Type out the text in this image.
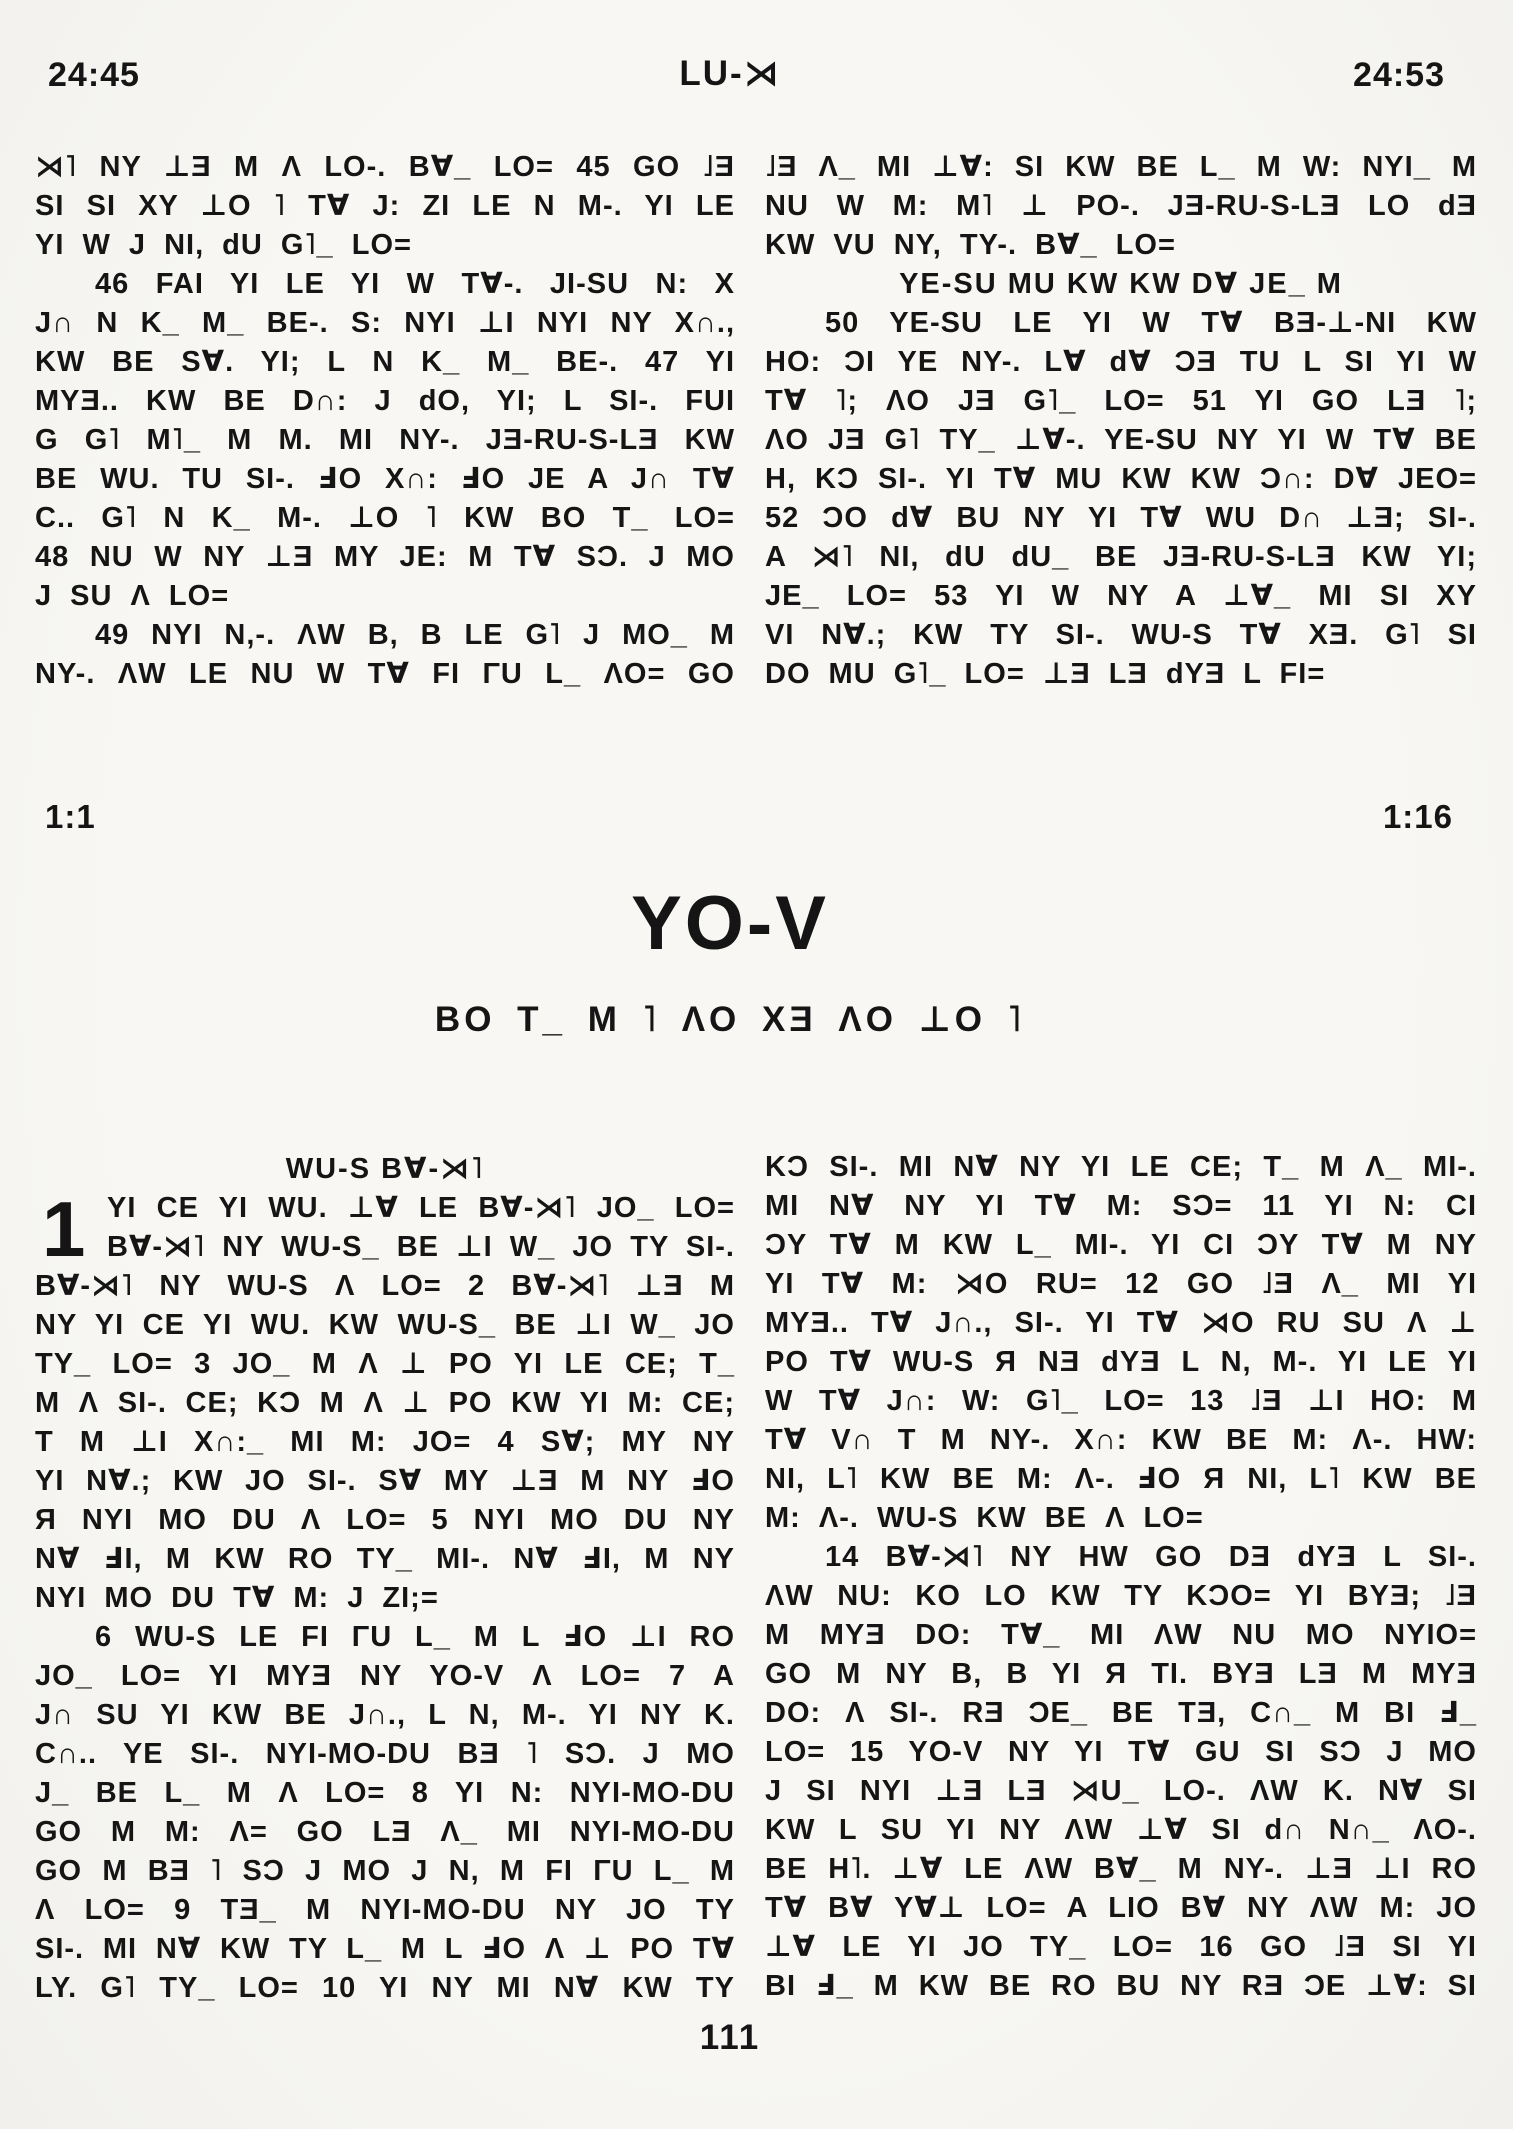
24:45	LU-⋊	24:53
⋊˥ NY ⊥Ǝ M Λ LO-. B∀_ LO= 45 GO ˩Ǝ
SI SI XY ⊥O ˥ T∀ J: ZI LE N M-. YI LE
YI W J NI, dU G˥_ LO=
46 FAI YI LE YI W T∀-. JI-SU N: X
J∩ N K_ M_ BE-. S: NYI ⊥I NYI NY X∩.,
KW BE S∀. YI; L N K_ M_ BE-. 47 YI
MYƎ.. KW BE D∩: J dO, YI; L SI-. FUI
G G˥ M˥_ M M. MI NY-. JƎ-RU-S-LƎ KW
BE WU. TU SI-. ℲO X∩: ℲO JE A J∩ T∀
C.. G˥ N K_ M-. ⊥O ˥ KW BO T_ LO=
48 NU W NY ⊥Ǝ MY JE: M T∀ SƆ. J MO
J SU Λ LO=
49 NYI N,-. ΛW B, B LE G˥ J MO_ M
NY-. ΛW LE NU W T∀ FI ΓU L_ ΛO= GO
˩Ǝ Λ_ MI ⊥∀: SI KW BE L_ M W: NYI_ M
NU W M: M˥ ⊥ PO-. JƎ-RU-S-LƎ LO dƎ
KW VU NY, TY-. B∀_ LO=
YE-SU MU KW KW D∀ JE_ M
50 YE-SU LE YI W T∀ BƎ-⊥-NI KW
HO: ƆI YE NY-. L∀ d∀ ƆƎ TU L SI YI W
T∀ ˥; ΛO JƎ G˥_ LO= 51 YI GO LƎ ˥;
ΛO JƎ G˥ TY_ ⊥∀-. YE-SU NY YI W T∀ BE
H, KƆ SI-. YI T∀ MU KW KW Ɔ∩: D∀ JEO=
52 ƆO d∀ BU NY YI T∀ WU D∩ ⊥Ǝ; SI-.
A ⋊˥ NI, dU dU_ BE JƎ-RU-S-LƎ KW YI;
JE_ LO= 53 YI W NY A ⊥∀_ MI SI XY
VI N∀.; KW TY SI-. WU-S T∀ XƎ. G˥ SI
DO MU G˥_ LO= ⊥Ǝ LƎ dYƎ L FI=
1:1	1:16
YO-V
BO T_ M ˥ ΛO XƎ ΛO ⊥O ˥
1
WU-S B∀-⋊˥
YI CE YI WU. ⊥∀ LE B∀-⋊˥ JO_ LO=
B∀-⋊˥ NY WU-S_ BE ⊥I W_ JO TY SI-.
B∀-⋊˥ NY WU-S Λ LO= 2 B∀-⋊˥ ⊥Ǝ M
NY YI CE YI WU. KW WU-S_ BE ⊥I W_ JO
TY_ LO= 3 JO_ M Λ ⊥ PO YI LE CE; T_
M Λ SI-. CE; KƆ M Λ ⊥ PO KW YI M: CE;
T M ⊥I X∩:_ MI M: JO= 4 S∀; MY NY
YI N∀.; KW JO SI-. S∀ MY ⊥Ǝ M NY ℲO
Я NYI MO DU Λ LO= 5 NYI MO DU NY
N∀ ℲI, M KW RO TY_ MI-. N∀ ℲI, M NY
NYI MO DU T∀ M: J ZI;=
6 WU-S LE FI ΓU L_ M L ℲO ⊥I RO
JO_ LO= YI MYƎ NY YO-V Λ LO= 7 A
J∩ SU YI KW BE J∩., L N, M-. YI NY K.
C∩.. YE SI-. NYI-MO-DU BƎ ˥ SƆ. J MO
J_ BE L_ M Λ LO= 8 YI N: NYI-MO-DU
GO M M: Λ= GO LƎ Λ_ MI NYI-MO-DU
GO M BƎ ˥ SƆ J MO J N, M FI ΓU L_ M
Λ LO= 9 TƎ_ M NYI-MO-DU NY JO TY
SI-. MI N∀ KW TY L_ M L ℲO Λ ⊥ PO T∀
LY. G˥ TY_ LO= 10 YI NY MI N∀ KW TY
KƆ SI-. MI N∀ NY YI LE CE; T_ M Λ_ MI-.
MI N∀ NY YI T∀ M: SƆ= 11 YI N: CI
ƆY T∀ M KW L_ MI-. YI CI ƆY T∀ M NY
YI T∀ M: ⋊O RU= 12 GO ˩Ǝ Λ_ MI YI
MYƎ.. T∀ J∩., SI-. YI T∀ ⋊O RU SU Λ ⊥
PO T∀ WU-S Я NƎ dYƎ L N, M-. YI LE YI
W T∀ J∩: W: G˥_ LO= 13 ˩Ǝ ⊥I HO: M
T∀ V∩ T M NY-. X∩: KW BE M: Λ-. HW:
NI, L˥ KW BE M: Λ-. ℲO Я NI, L˥ KW BE
M: Λ-. WU-S KW BE Λ LO=
14 B∀-⋊˥ NY HW GO DƎ dYƎ L SI-.
ΛW NU: KO LO KW TY KƆO= YI BYƎ; ˩Ǝ
M MYƎ DO: T∀_ MI ΛW NU MO NYIO=
GO M NY B, B YI Я TI. BYƎ LƎ M MYƎ
DO: Λ SI-. RƎ ƆE_ BE TƎ, C∩_ M BI Ⅎ_
LO= 15 YO-V NY YI T∀ GU SI SƆ J MO
J SI NYI ⊥Ǝ LƎ ⋊U_ LO-. ΛW K. N∀ SI
KW L SU YI NY ΛW ⊥∀ SI d∩ N∩_ ΛO-.
BE H˥. ⊥∀ LE ΛW B∀_ M NY-. ⊥Ǝ ⊥I RO
T∀ B∀ Y∀⊥ LO= A LIO B∀ NY ΛW M: JO
⊥∀ LE YI JO TY_ LO= 16 GO ˩Ǝ SI YI
BI Ⅎ_ M KW BE RO BU NY RƎ ƆE ⊥∀: SI
111
